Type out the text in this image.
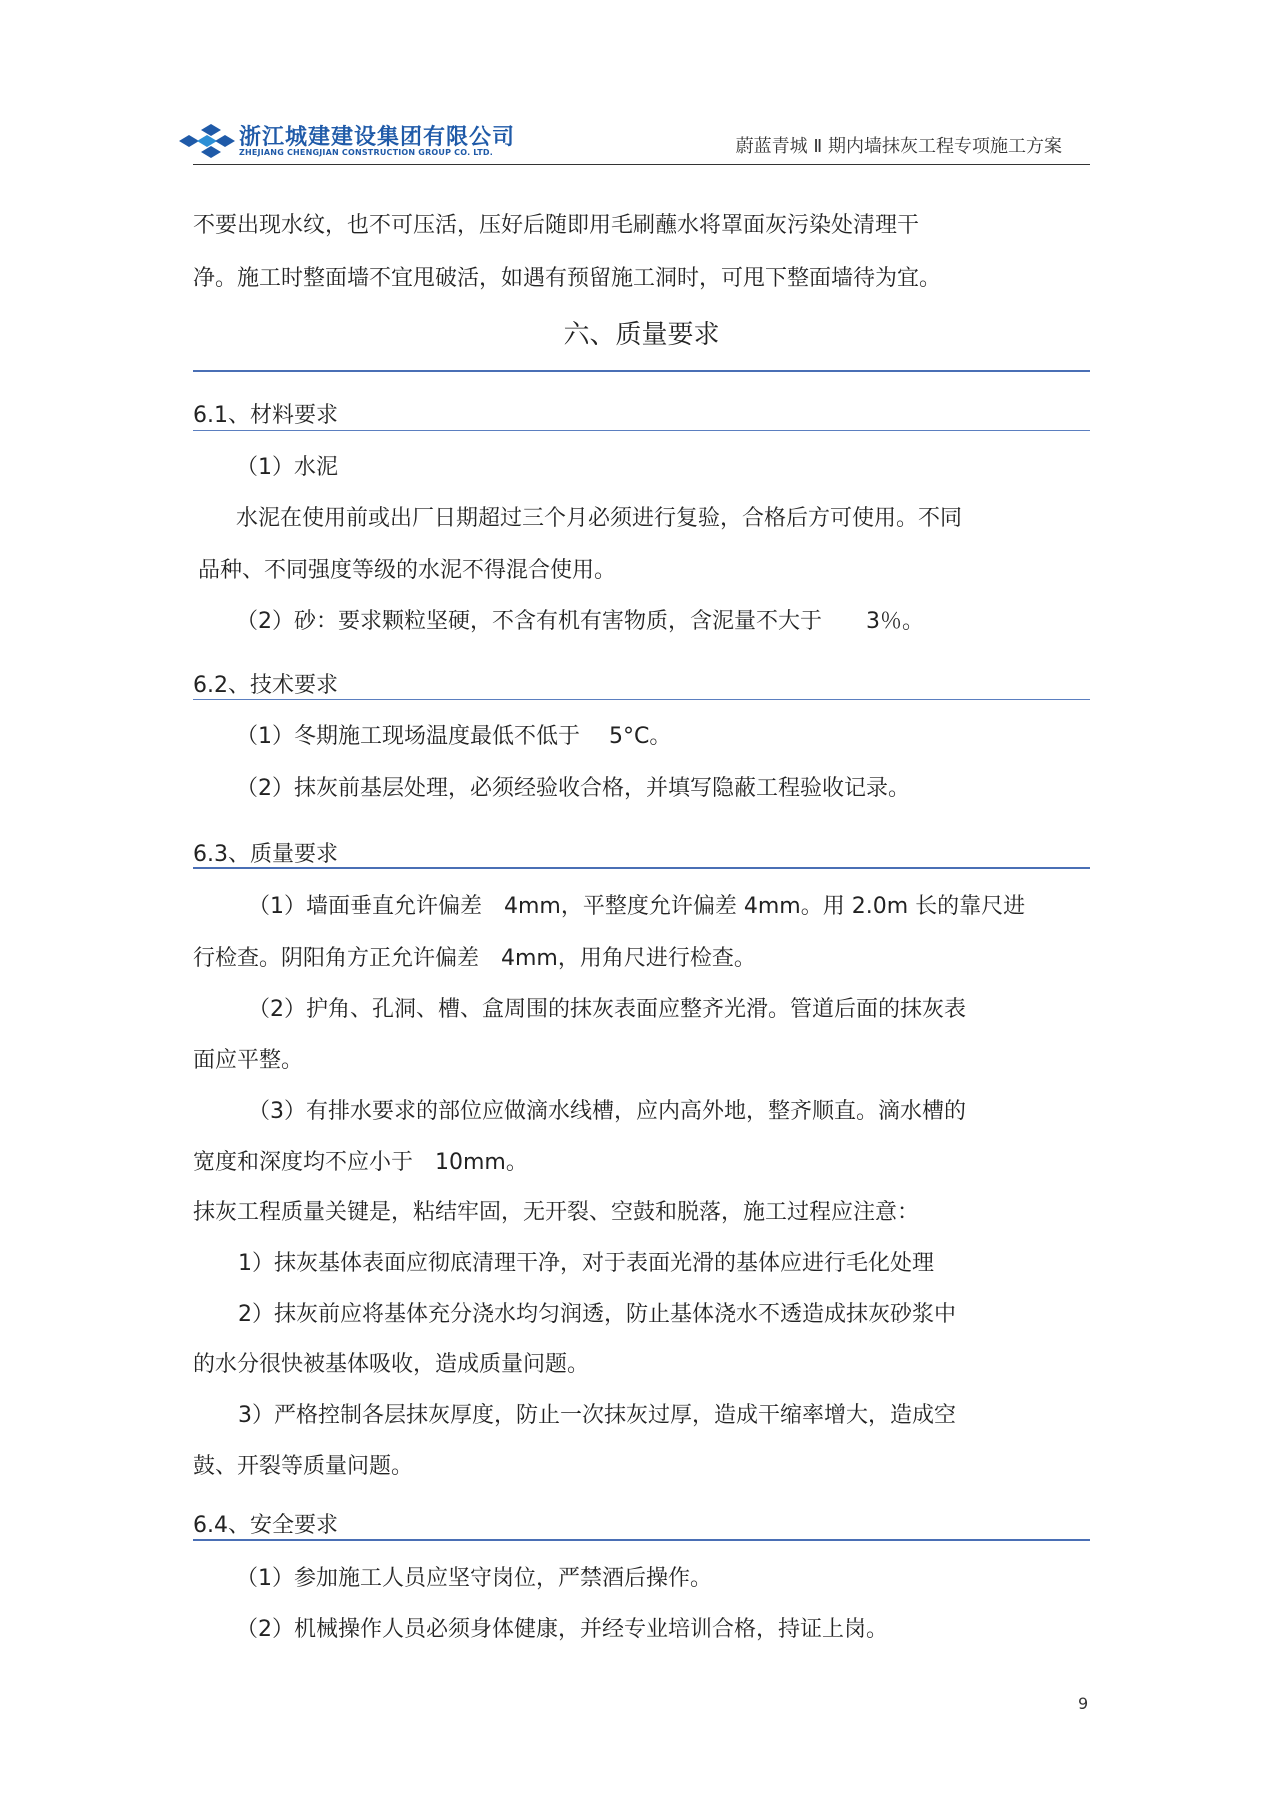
浙江城建建设集团有限公司
ZHEJIANG CHENGJIAN CONSTRUCTION GROUP CO. LTD.	蔚蓝青城 Ⅱ 期内墙抹灰工程专项施工方案
不要出现水纹，也不可压活，压好后随即用毛刷蘸水将罩面灰污染处清理干
净。施工时整面墙不宜甩破活，如遇有预留施工洞时，可甩下整面墙待为宜。
六、质量要求
6.1、材料要求
（1）水泥
水泥在使用前或出厂日期超过三个月必须进行复验，合格后方可使用。不同
品种、不同强度等级的水泥不得混合使用。
（2）砂：要求颗粒坚硬，不含有机有害物质，含泥量不大于　　3％。
6.2、技术要求
（1）冬期施工现场温度最低不低于　 5°C。
（2）抹灰前基层处理，必须经验收合格，并填写隐蔽工程验收记录。
6.3、质量要求
（1）墙面垂直允许偏差　4mm，平整度允许偏差 4mm。用 2.0m 长的靠尺进
行检查。阴阳角方正允许偏差　4mm，用角尺进行检查。
（2）护角、孔洞、槽、盒周围的抹灰表面应整齐光滑。管道后面的抹灰表
面应平整。
（3）有排水要求的部位应做滴水线槽，应内高外地，整齐顺直。滴水槽的
宽度和深度均不应小于　10mm。
抹灰工程质量关键是，粘结牢固，无开裂、空鼓和脱落，施工过程应注意：
1）抹灰基体表面应彻底清理干净，对于表面光滑的基体应进行毛化处理
2）抹灰前应将基体充分浇水均匀润透，防止基体浇水不透造成抹灰砂浆中
的水分很快被基体吸收，造成质量问题。
3）严格控制各层抹灰厚度，防止一次抹灰过厚，造成干缩率增大，造成空
鼓、开裂等质量问题。
6.4、安全要求
（1）参加施工人员应坚守岗位，严禁酒后操作。
（2）机械操作人员必须身体健康，并经专业培训合格，持证上岗。
9
